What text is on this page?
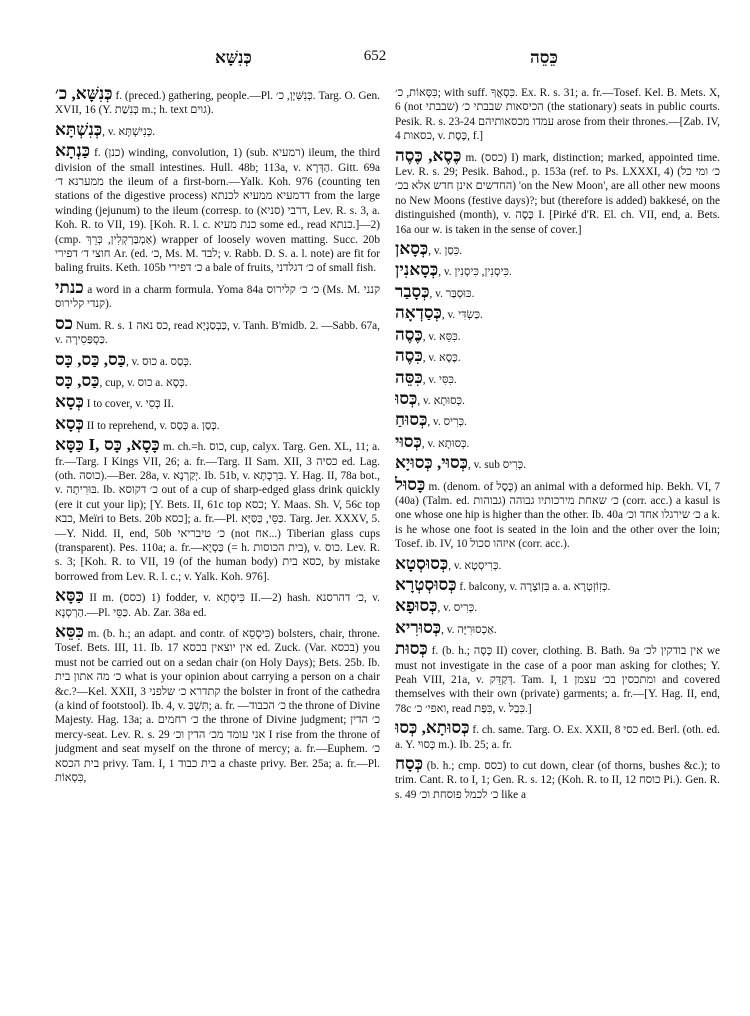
כְּנִשָּׁא	652	כֵּסֵה

כְּנִשָּׁא, כ׳ f. (preced.) gathering, people.—Pl. כְּנִשְּׁיָן, כ׳. Targ. O. Gen. XVII, 16 (Y. כְּנִשַׁת m.; h. text גוים).

כְּנִשְׁתָּא, v. כְּנִישְׁתָּא.

כַּנְתָא f. (כנן) winding, convolution, 1) (sub. רמעיא) ileum, the third division of the small intestines. Hull. 48b; 113a, v. הַדְּרָא. Gitt. 69a ממערנא ד׳ the ileum of a first-born.—Yalk. Koh. 976 (counting ten stations of the digestive process) דדמעיא ממעיא לכנתא from the large winding (jejunum) to the ileum (corresp. to דרבי (סניא), Lev. R. s. 3, a. Koh. R. to VII, 19). [Koh. R. l. c. כנת מעיא some ed., read כנתא.]—2) (cmp. אַמְבַּרְקְלִין, כְּרֵךְ) wrapper of loosely woven matting. Succ. 20b חוצי ד׳ דפירי Ar. (ed. כ׳, Ms. M. לבד; v. Rabb. D. S. a. l. note) are fit for baling fruits. Keth. 105b כ׳ דפירי a bale of fruits, כ׳ דגלדני of small fish.

כנתי a word in a charm formula. Yoma 84a כ׳ כ׳ קלירוס (Ms. M. קנני קנדי קלירוס).

כס Num. R. s. 1 כס נאה, read כַּבְסַנְיָא, v. Tanh. B'midb. 2. —Sabb. 67a, v. כַּסְפַּסִירָה.

כַּס, כַּס, כָּס, v. כוּס a. כְּסַס.

כַּס, כָּס, cup, v. כוס a. כְּסָא.

כְּסָא I to cover, v. כְּסִי II.

כְּסָא II to reprehend, v. כְּסַס a. כְּסַן.

כַּסָּא I, כָּסָא, כָּס m. ch.=h. כוס, cup, calyx. Targ. Gen. XL, 11; a. fr.—Targ. I Kings VII, 26; a. fr.—Targ. II Sam. XII, 3 כסיה ed. Lag. (oth. כוסה).—Ber. 28a, v. יְקַרְנָא. Ib. 51b, v. בִּרְכָתָא. Y. Hag. II, 78a bot., v. בּוּרִיתָה. Ib. כ׳ דקוסא out of a cup of sharp-edged glass drink quickly (ere it cut your lip); [Y. Bets. II, 61c top כסא; Y. Maas. Sh. V, 56c top כבא, Meïri to Bets. 20b כסא]; a. fr.—Pl. כַּסֵּי, כַּסַּיָּא. Targ. Jer. XXXV, 5.—Y. Nidd. II, end, 50b כ׳ טיבריאי (not אח...) Tiberian glass cups (transparent). Pes. 110a; a. fr.—כַּסְיָא (= h. בית הכוסות), v. כוס. Lev. R. s. 3; [Koh. R. to VII, 19 (of the human body) כסא בית, by mistake borrowed from Lev. R. l. c.; v. Yalk. Koh. 976].

כַּסָּא II m. (כסס) 1) fodder, v. כִּיסְתָא II.—2) hash. כ׳ דהרסנא, v. הַרְסְנָא.—Pl. כַּסֵּי. Ab. Zar. 38a ed.

כִּסֵּא m. (b. h.; an adapt. and contr. of כִּיסְסֵא) bolsters, chair, throne. Tosef. Bets. III, 11. Ib. 17 אין יוצאין בכסא ed. Zuck. (Var. בכסא) you must not be carried out on a sedan chair (on Holy Days); Bets. 25b. Ib. כ׳ מה אתון בית what is your opinion about carrying a person on a chair &c.?—Kel. XXII, 3 קתדרא כ׳ שלפני the bolster in front of the cathedra (a kind of footstool). Ib. 4, v. תִּשְׁבַּ; a. fr. —כ׳ הכבוד the throne of Divine Majesty. Hag. 13a; a. כ׳ רחמים the throne of Divine judgment; כ׳ הדין mercy-seat. Lev. R. s. 29 אני עומד מכ׳ הדין וכ׳ I rise from the throne of judgment and seat myself on the throne of mercy; a. fr.—Euphem. כ׳ בית הכסא privy. Tam. I, 1 בית כבוד a chaste privy. Ber. 25a; a. fr.—Pl. כִּסְאוֹת,

כִּסְּאוֹת, כ׳; with suff. כִּסְאֲךָ. Ex. R. s. 31; a. fr.—Tosef. Kel. B. Mets. X, 6 (not שבבתי) הכיסאות שבבתי כ׳ (the stationary) seats in public courts. Pesik. R. s. 23-24 עמדו מכסאותיהם arose from their thrones.—[Zab. IV, 4 כסאות, v. כֶּסֶת, f.]

כֶּסֶא, כֶּסֶה m. (כסס) I) mark, distinction; marked, appointed time. Lev. R. s. 29; Pesik. Bahod., p. 153a (ref. to Ps. LXXXI, 4) (כ׳ ומי כל החדשים אינן חדש אלא בכ׳) 'on the New Moon', are all other new moons no New Moons (festive days)?; but (therefore is added) bakkesé, on the distinguished (month), v. כֶּסֶה I. [Pirké d'R. El. ch. VII, end, a. Bets. 16a our w. is taken in the sense of cover.]

כְּסָאן, v. כִּסַן.

כְּסָאנִין, v. כִּיסְנִין, כִּיסְנִין.

כְּסָבַר, v. כּוּסְבַּר.

כְּסַדְאָה, v. כַּשְׂדִּי.

כֶּסֶה, v. כִּסֵּא.

כִּסֶה, v. כֶּסֶא.

כִּסֵּה, v. כִּסִּי.

כְּסוּ, v. כְּסוּתָא.

כְּסוּחַ, v. כְּרִיס.

כְּסוּי, v. כְּסוּתָא.

כְּסוּי, כְּסוּיָא, v. sub כְּרִיס.

כָּסוּל m. (denom. of כֶּסֶל) an animal with a deformed hip. Bekh. VI, 7 (40a) (Talm. ed. גבוהות) כ׳ שאחת מירכותיו גבוהה (corr. acc.) a kasul is one whose one hip is higher than the other. Ib. 40a כ׳ שירגלו אחד וכ׳ a k. is he whose one foot is seated in the loin and the other over the loin; Tosef. ib. IV, 10 איזהו סכול (corr. acc.).

כְּסוּסְטָא, v. כְּרִיסְטָא.

כְּסוּסְטְרָא f. balcony, v. בִּזְוֹצְרָה a. a. כְּזִוֹזְטְרָא.

כְּסוּפָא, v. כְּרִיס.

כְּסוּרִיא, v. אַכְסוּרִיָּה.

כְּסוּת f. (b. h.; כָּסָה II) cover, clothing. B. Bath. 9a אין בודקין לכ׳ we must not investigate in the case of a poor man asking for clothes; Y. Peah VIII, 21a, v. דְּקַדֵּק. Tam. I, 1 ומתכסין בכ׳ עצמן and covered themselves with their own (private) garments; a. fr.—[Y. Hag. II, end, 78c ואפי׳ כ׳, read כִּפַּת, v. כִּבַל.]

כְּסוּתָא, כְּסוּ f. ch. same. Targ. O. Ex. XXII, 8 כסי ed. Berl. (oth. ed. a. Y. כְּסוּי m.). Ib. 25; a. fr.

כְּסָח (b. h.; cmp. כסס) to cut down, clear (of thorns, bushes &c.); to trim. Cant. R. to I, 1; Gen. R. s. 12; (Koh. R. to II, 12 כוסח Pi.). Gen. R. s. 49 כ׳ לכמל פוסחת וכ׳ like a
